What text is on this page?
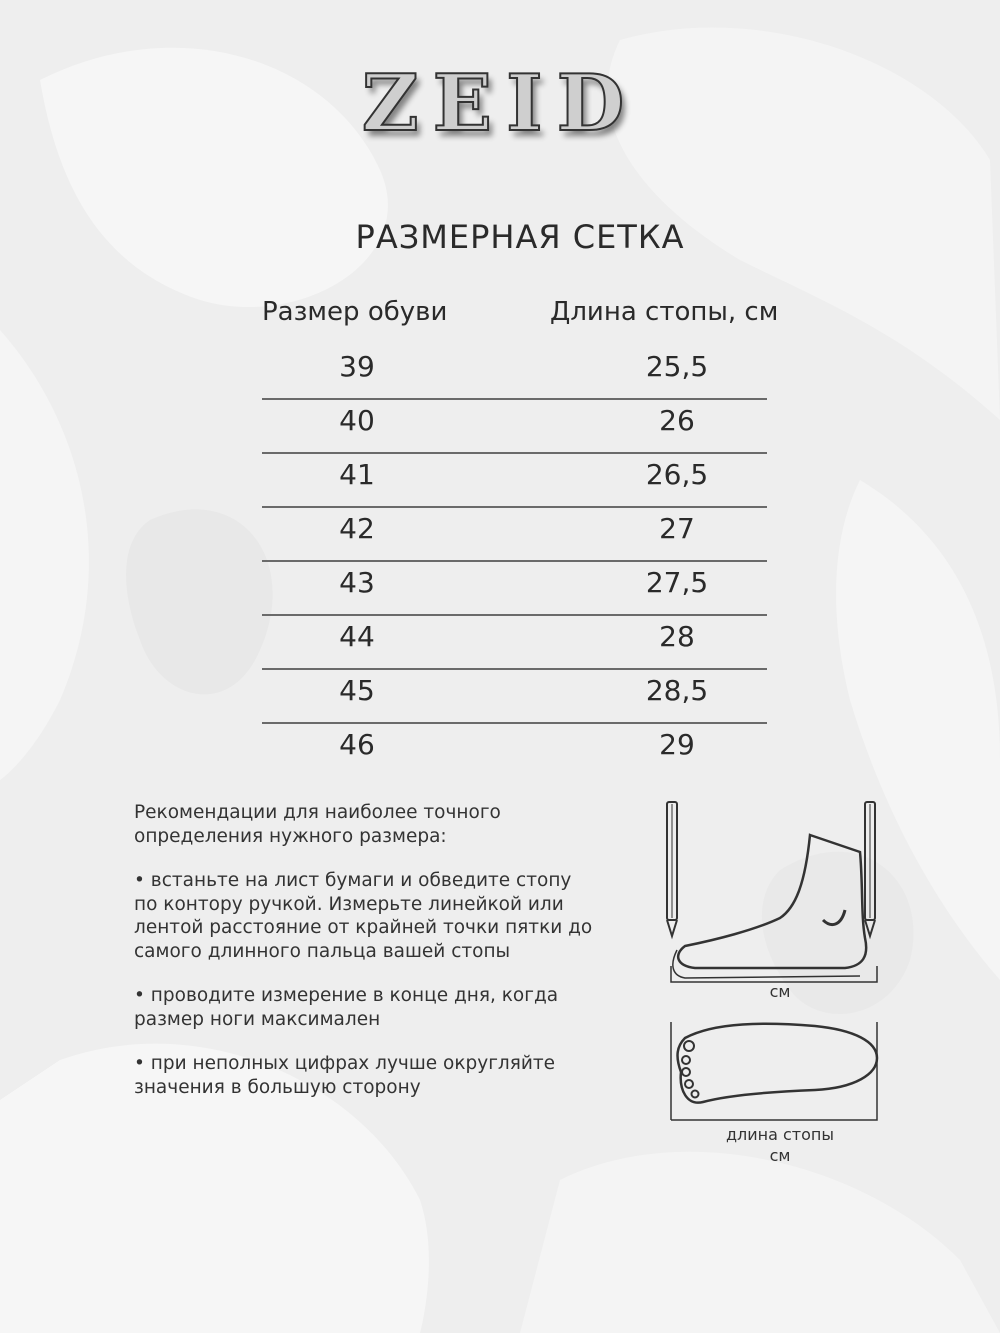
ZEID
РАЗМЕРНАЯ СЕТКА
Размер обуви	Длина стопы, см
39	25,5
40	26
41	26,5
42	27
43	27,5
44	28
45	28,5
46	29

Рекомендации для наиболее точного определения нужного размера:

• встаньте на лист бумаги и обведите стопу по контору ручкой. Измерьте линейкой или лентой расстояние от крайней точки пятки до самого длинного пальца вашей стопы

• проводите измерение в конце дня, когда размер ноги максимален

• при неполных цифрах лучше округляйте значения в большую сторону

см
длина стопы
см
